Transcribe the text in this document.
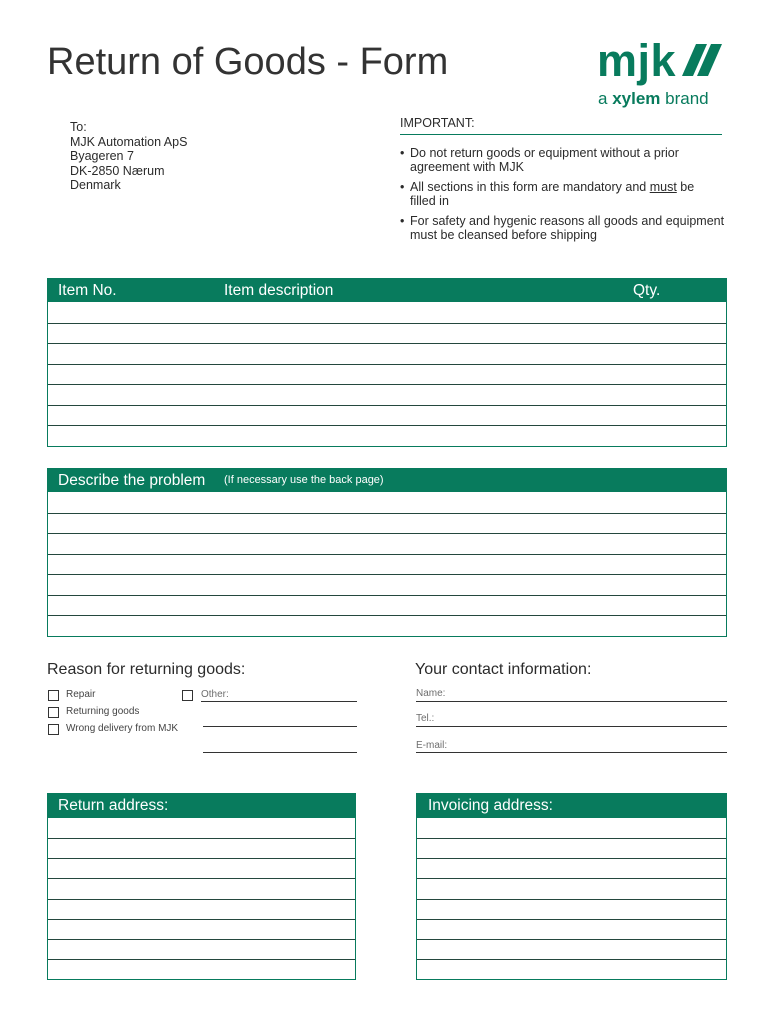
Return of Goods - Form	mjk
a xylem brand
To:
MJK Automation ApS
Byageren 7
DK-2850 Nærum
Denmark
IMPORTANT:
• Do not return goods or equipment without a prior
agreement with MJK
• All sections in this form are mandatory and must be
filled in
• For safety and hygenic reasons all goods and equipment
must be cleansed before shipping
Item No.	Item description	Qty.
Describe the problem (If necessary use the back page)
Reason for returning goods:
Repair
Returning goods
Wrong delivery from MJK
Other:
Your contact information:
Name:
Tel.:
E-mail:
Return address:	Invoicing address:
